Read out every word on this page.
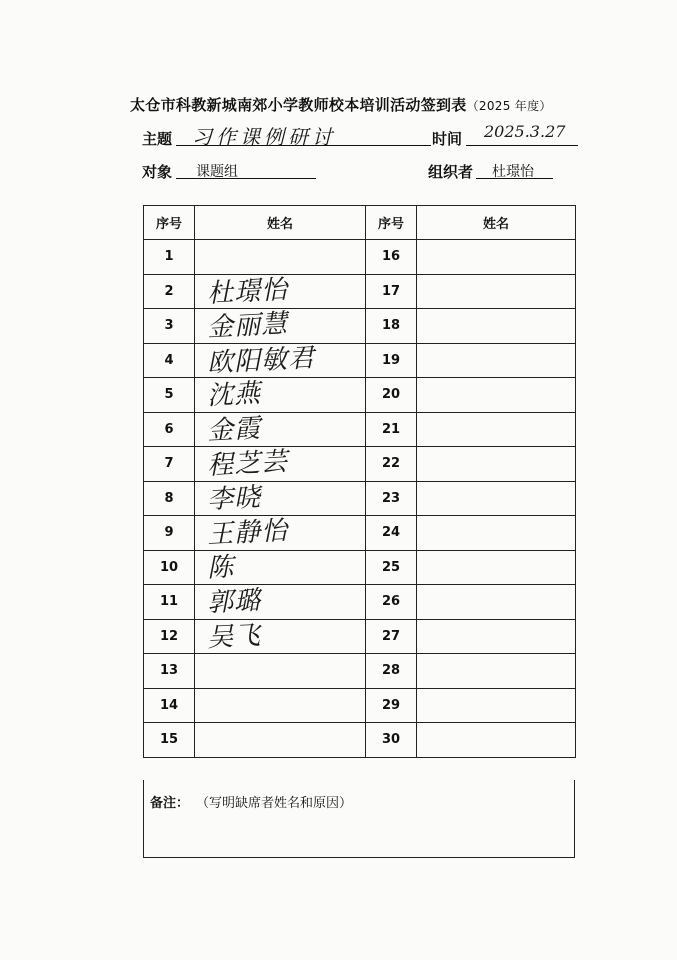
太仓市科教新城南郊小学教师校本培训活动签到表（2025 年度）
主题 习作课例研讨	时间 2025.3.27
对象 课题组	组织者 杜璟怡
序号	姓名	序号	姓名
1		16	

2	杜璟怡	17	

3	金丽慧	18	

4	欧阳敏君	19	

5	沈燕	20	

6	金霞	21	

7	程芝芸	22	

8	李晓	23	

9	王静怡	24	

10	陈	25	

11	郭璐	26	

12	吴飞	27	

13		28	

14		29	

15		30	
备注： （写明缺席者姓名和原因）
